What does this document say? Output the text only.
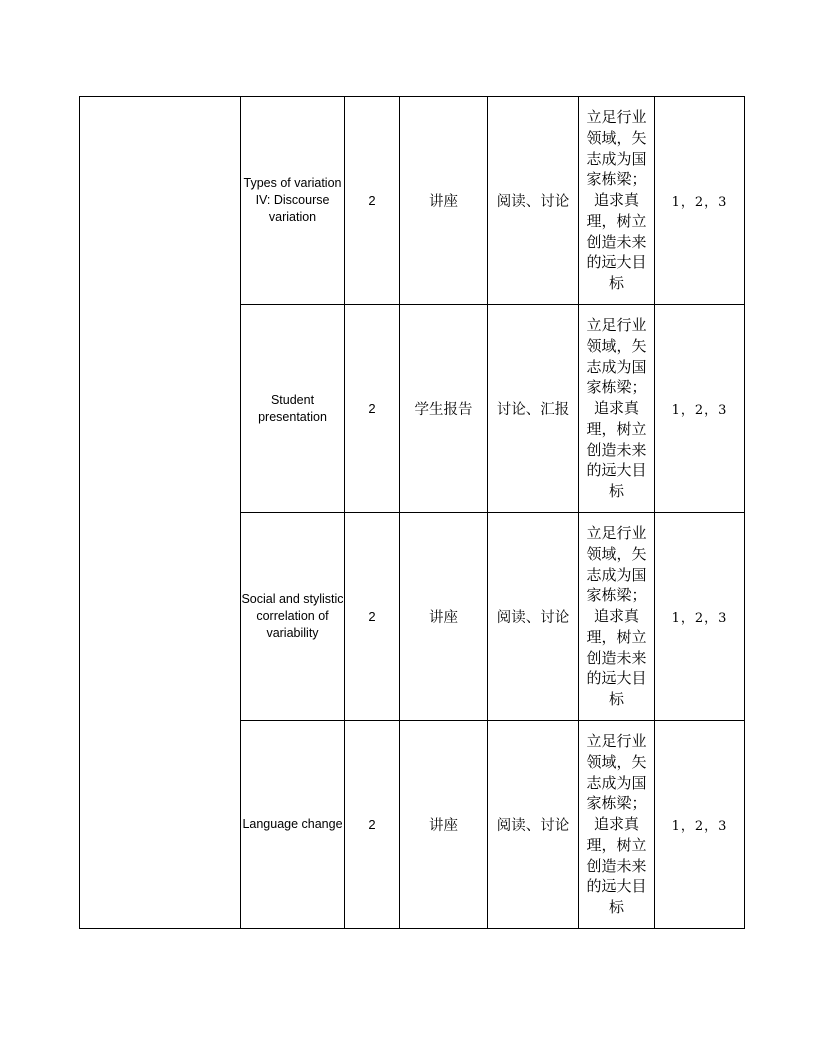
	Types of variation IV: Discourse variation	2	讲座	阅读、讨论	立足行业领域，矢志成为国家栋梁；追求真理，树立创造未来的远大目标	1，2，3
	Student presentation	2	学生报告	讨论、汇报	立足行业领域，矢志成为国家栋梁；追求真理，树立创造未来的远大目标	1，2，3
	Social and stylistic correlation of variability	2	讲座	阅读、讨论	立足行业领域，矢志成为国家栋梁；追求真理，树立创造未来的远大目标	1，2，3
	Language change	2	讲座	阅读、讨论	立足行业领域，矢志成为国家栋梁；追求真理，树立创造未来的远大目标	1，2，3
